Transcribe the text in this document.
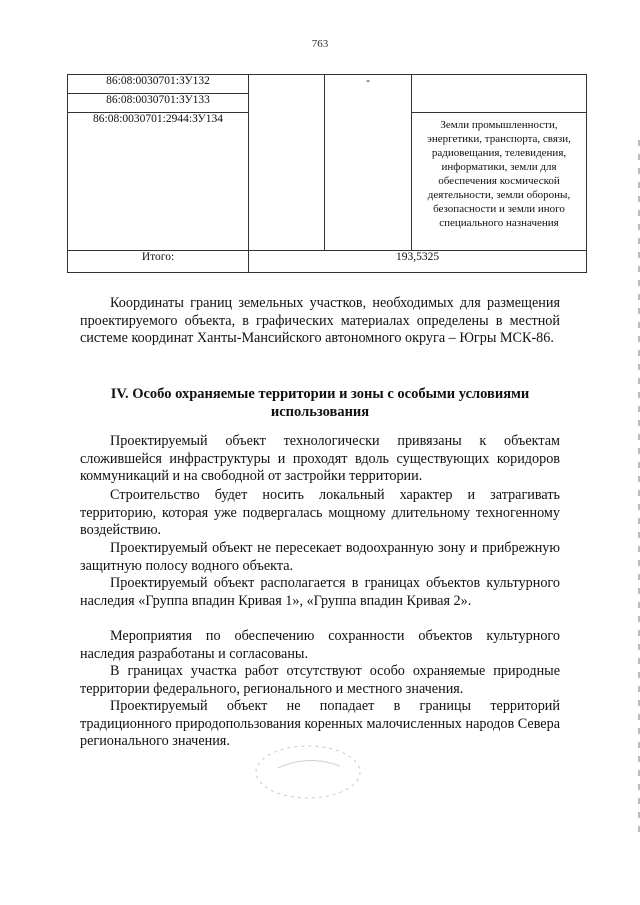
763
86:08:0030701:ЗУ132		-	
86:08:0030701:ЗУ133			
86:08:0030701:2944:ЗУ134			Земли промышленности, энергетики, транспорта, связи, радиовещания, телевидения, информатики, земли для обеспечения космической деятельности, земли обороны, безопасности и земли иного специального назначения
Итого:	193,5325		

Координаты границ земельных участков, необходимых для размещения проектируемого объекта, в графических материалах определены в местной системе координат Ханты-Мансийского автономного округа – Югры МСК-86.

IV. Особо охраняемые территории и зоны с особыми условиями использования

Проектируемый объект технологически привязаны к объектам сложившейся инфраструктуры и проходят вдоль существующих коридоров коммуникаций и на свободной от застройки территории.

Строительство будет носить локальный характер и затрагивать территорию, которая уже подвергалась мощному длительному техногенному воздействию.

Проектируемый объект не пересекает водоохранную зону и прибрежную защитную полосу водного объекта.

Проектируемый объект располагается в границах объектов культурного наследия «Группа впадин Кривая 1», «Группа впадин Кривая 2».

Мероприятия по обеспечению сохранности объектов культурного наследия разработаны и согласованы.

В границах участка работ отсутствуют особо охраняемые природные территории федерального, регионального и местного значения.

Проектируемый объект не попадает в границы территорий традиционного природопользования коренных малочисленных народов Севера регионального значения.
